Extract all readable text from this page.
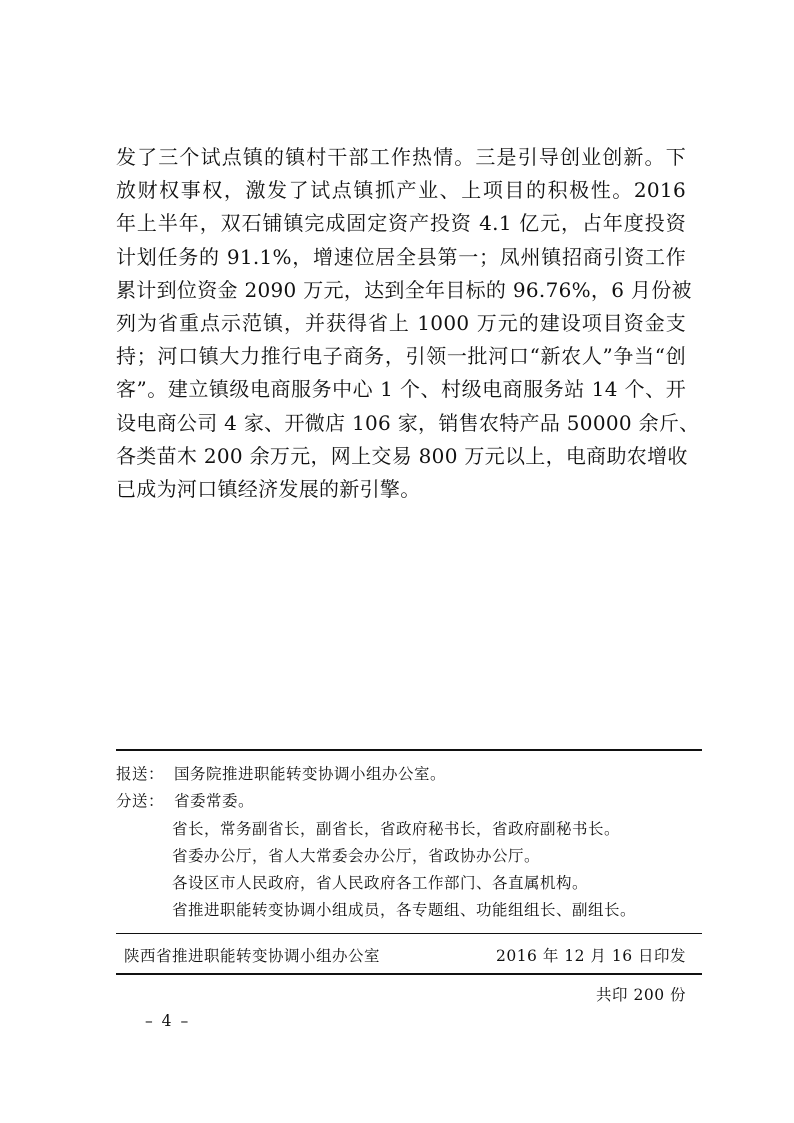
发了三个试点镇的镇村干部工作热情。三是引导创业创新。下
放财权事权，激发了试点镇抓产业、上项目的积极性。2016
年上半年，双石铺镇完成固定资产投资 4.1 亿元，占年度投资
计划任务的 91.1%，增速位居全县第一；凤州镇招商引资工作
累计到位资金 2090 万元，达到全年目标的 96.76%，6 月份被
列为省重点示范镇，并获得省上 1000 万元的建设项目资金支
持；河口镇大力推行电子商务，引领一批河口“新农人”争当“创
客”。建立镇级电商服务中心 1 个、村级电商服务站 14 个、开
设电商公司 4 家、开微店 106 家，销售农特产品 50000 余斤、
各类苗木 200 余万元，网上交易 800 万元以上，电商助农增收
已成为河口镇经济发展的新引擎。
报送： 国务院推进职能转变协调小组办公室。
分送： 省委常委。
省长，常务副省长，副省长，省政府秘书长，省政府副秘书长。
省委办公厅，省人大常委会办公厅，省政协办公厅。
各设区市人民政府，省人民政府各工作部门、各直属机构。
省推进职能转变协调小组成员，各专题组、功能组组长、副组长。
陕西省推进职能转变协调小组办公室	2016 年 12 月 16 日印发
共印 200 份
– 4 –
